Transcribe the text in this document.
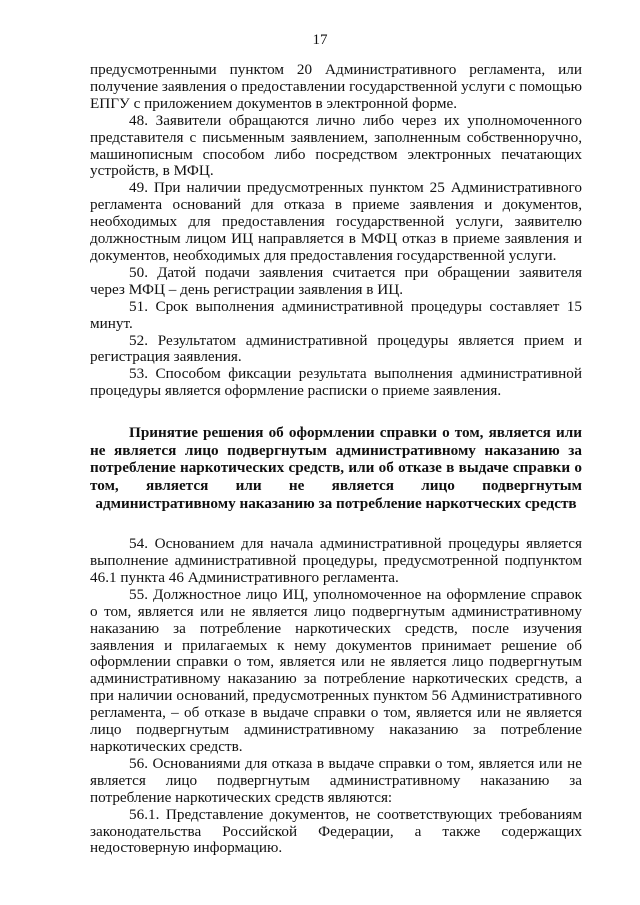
17

предусмотренными пунктом 20 Административного регламента, или получение заявления о предоставлении государственной услуги с помощью ЕПГУ с приложением документов в электронной форме.

48. Заявители обращаются лично либо через их уполномоченного представителя с письменным заявлением, заполненным собственноручно, машинописным способом либо посредством электронных печатающих устройств, в МФЦ.

49. При наличии предусмотренных пунктом 25 Административного регламента оснований для отказа в приеме заявления и документов, необходимых для предоставления государственной услуги, заявителю должностным лицом ИЦ направляется в МФЦ отказ в приеме заявления и документов, необходимых для предоставления государственной услуги.

50. Датой подачи заявления считается при обращении заявителя через МФЦ – день регистрации заявления в ИЦ.

51. Срок выполнения административной процедуры составляет 15 минут.

52. Результатом административной процедуры является прием и регистрация заявления.

53. Способом фиксации результата выполнения административной процедуры является оформление расписки о приеме заявления.

Принятие решения об оформлении справки о том, является или не является лицо подвергнутым административному наказанию за потребление наркотических средств, или об отказе в выдаче справки о том, является или не является лицо подвергнутым административному наказанию за потребление наркотческих средств

54. Основанием для начала административной процедуры является выполнение административной процедуры, предусмотренной подпунктом 46.1 пункта 46 Административного регламента.

55. Должностное лицо ИЦ, уполномоченное на оформление справок о том, является или не является лицо подвергнутым административному наказанию за потребление наркотических средств, после изучения заявления и прилагаемых к нему документов принимает решение об оформлении справки о том, является или не является лицо подвергнутым административному наказанию за потребление наркотических средств, а при наличии оснований, предусмотренных пунктом 56 Административного регламента, – об отказе в выдаче справки о том, является или не является лицо подвергнутым административному наказанию за потребление наркотических средств.

56. Основаниями для отказа в выдаче справки о том, является или не является лицо подвергнутым административному наказанию за потребление наркотических средств являются:

56.1. Представление документов, не соответствующих требованиям законодательства Российской Федерации, а также содержащих недостоверную информацию.
